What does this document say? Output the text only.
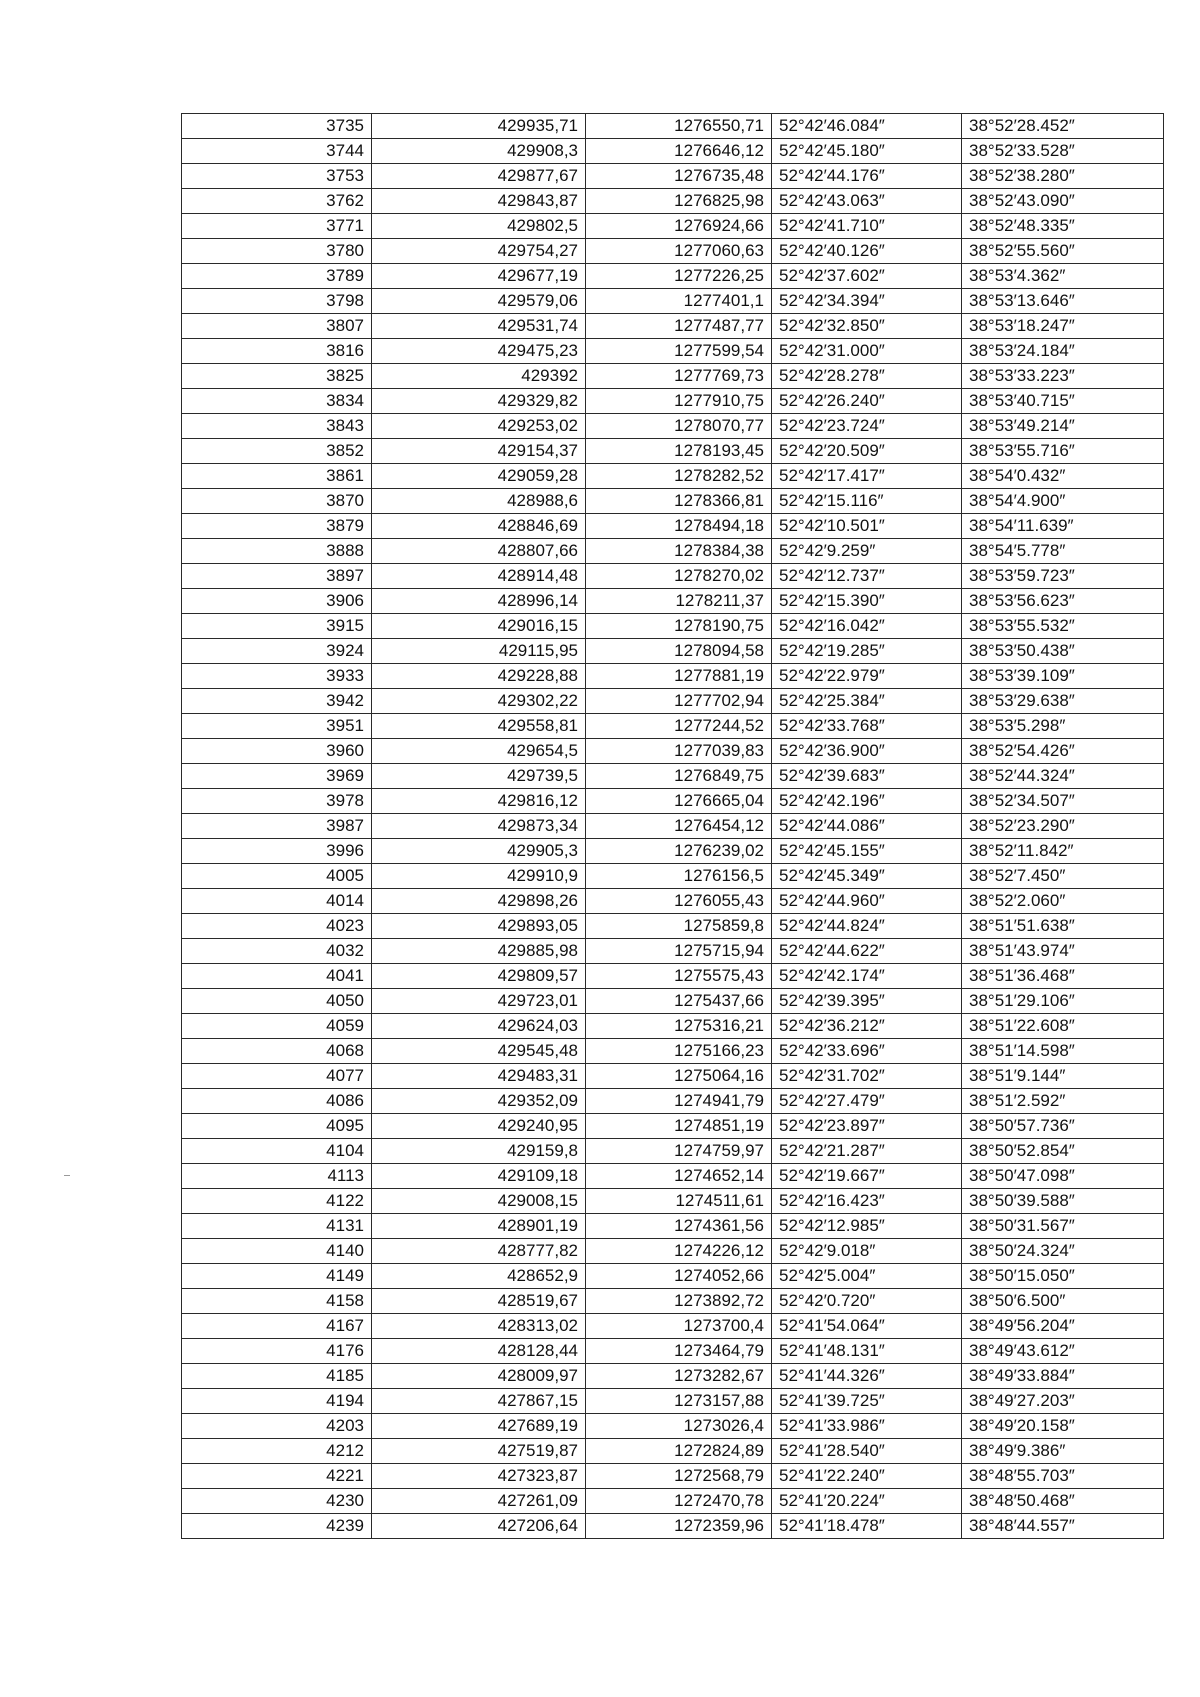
3735	429935,71	1276550,71	52°42′46.084″	38°52′28.452″
3744	429908,3	1276646,12	52°42′45.180″	38°52′33.528″
3753	429877,67	1276735,48	52°42′44.176″	38°52′38.280″
3762	429843,87	1276825,98	52°42′43.063″	38°52′43.090″
3771	429802,5	1276924,66	52°42′41.710″	38°52′48.335″
3780	429754,27	1277060,63	52°42′40.126″	38°52′55.560″
3789	429677,19	1277226,25	52°42′37.602″	38°53′4.362″
3798	429579,06	1277401,1	52°42′34.394″	38°53′13.646″
3807	429531,74	1277487,77	52°42′32.850″	38°53′18.247″
3816	429475,23	1277599,54	52°42′31.000″	38°53′24.184″
3825	429392	1277769,73	52°42′28.278″	38°53′33.223″
3834	429329,82	1277910,75	52°42′26.240″	38°53′40.715″
3843	429253,02	1278070,77	52°42′23.724″	38°53′49.214″
3852	429154,37	1278193,45	52°42′20.509″	38°53′55.716″
3861	429059,28	1278282,52	52°42′17.417″	38°54′0.432″
3870	428988,6	1278366,81	52°42′15.116″	38°54′4.900″
3879	428846,69	1278494,18	52°42′10.501″	38°54′11.639″
3888	428807,66	1278384,38	52°42′9.259″	38°54′5.778″
3897	428914,48	1278270,02	52°42′12.737″	38°53′59.723″
3906	428996,14	1278211,37	52°42′15.390″	38°53′56.623″
3915	429016,15	1278190,75	52°42′16.042″	38°53′55.532″
3924	429115,95	1278094,58	52°42′19.285″	38°53′50.438″
3933	429228,88	1277881,19	52°42′22.979″	38°53′39.109″
3942	429302,22	1277702,94	52°42′25.384″	38°53′29.638″
3951	429558,81	1277244,52	52°42′33.768″	38°53′5.298″
3960	429654,5	1277039,83	52°42′36.900″	38°52′54.426″
3969	429739,5	1276849,75	52°42′39.683″	38°52′44.324″
3978	429816,12	1276665,04	52°42′42.196″	38°52′34.507″
3987	429873,34	1276454,12	52°42′44.086″	38°52′23.290″
3996	429905,3	1276239,02	52°42′45.155″	38°52′11.842″
4005	429910,9	1276156,5	52°42′45.349″	38°52′7.450″
4014	429898,26	1276055,43	52°42′44.960″	38°52′2.060″
4023	429893,05	1275859,8	52°42′44.824″	38°51′51.638″
4032	429885,98	1275715,94	52°42′44.622″	38°51′43.974″
4041	429809,57	1275575,43	52°42′42.174″	38°51′36.468″
4050	429723,01	1275437,66	52°42′39.395″	38°51′29.106″
4059	429624,03	1275316,21	52°42′36.212″	38°51′22.608″
4068	429545,48	1275166,23	52°42′33.696″	38°51′14.598″
4077	429483,31	1275064,16	52°42′31.702″	38°51′9.144″
4086	429352,09	1274941,79	52°42′27.479″	38°51′2.592″
4095	429240,95	1274851,19	52°42′23.897″	38°50′57.736″
4104	429159,8	1274759,97	52°42′21.287″	38°50′52.854″
4113	429109,18	1274652,14	52°42′19.667″	38°50′47.098″
4122	429008,15	1274511,61	52°42′16.423″	38°50′39.588″
4131	428901,19	1274361,56	52°42′12.985″	38°50′31.567″
4140	428777,82	1274226,12	52°42′9.018″	38°50′24.324″
4149	428652,9	1274052,66	52°42′5.004″	38°50′15.050″
4158	428519,67	1273892,72	52°42′0.720″	38°50′6.500″
4167	428313,02	1273700,4	52°41′54.064″	38°49′56.204″
4176	428128,44	1273464,79	52°41′48.131″	38°49′43.612″
4185	428009,97	1273282,67	52°41′44.326″	38°49′33.884″
4194	427867,15	1273157,88	52°41′39.725″	38°49′27.203″
4203	427689,19	1273026,4	52°41′33.986″	38°49′20.158″
4212	427519,87	1272824,89	52°41′28.540″	38°49′9.386″
4221	427323,87	1272568,79	52°41′22.240″	38°48′55.703″
4230	427261,09	1272470,78	52°41′20.224″	38°48′50.468″
4239	427206,64	1272359,96	52°41′18.478″	38°48′44.557″
